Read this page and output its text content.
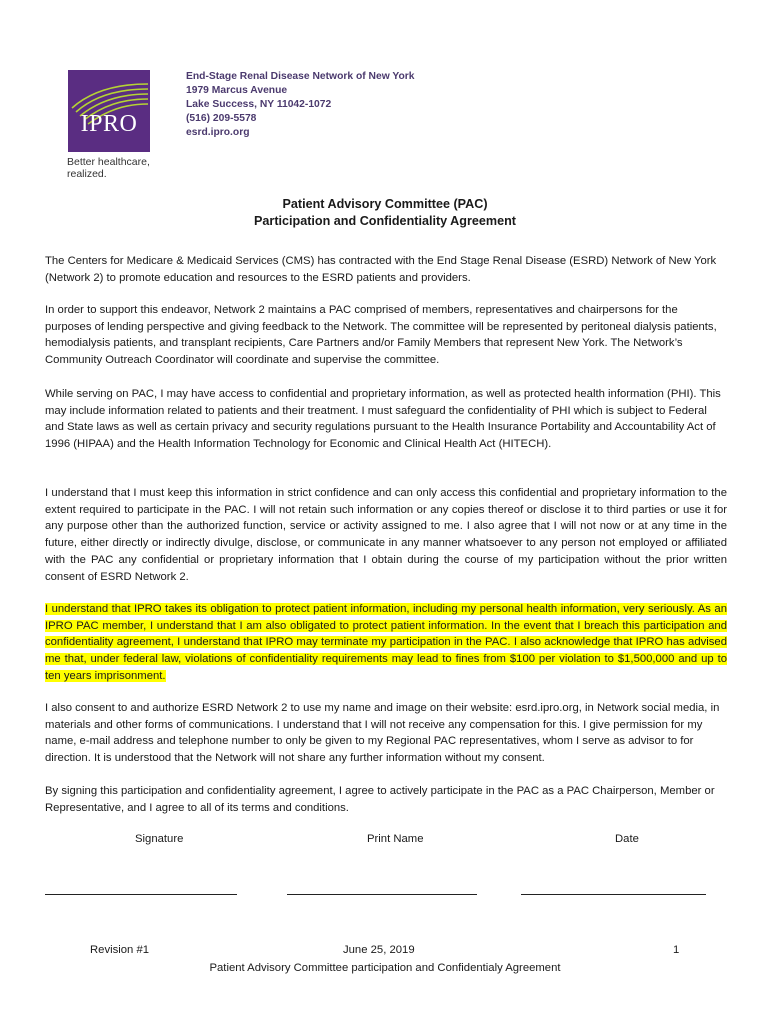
IPRO
Better healthcare,
realized.
End-Stage Renal Disease Network of New York
1979 Marcus Avenue
Lake Success, NY 11042-1072
(516) 209-5578
esrd.ipro.org
Patient Advisory Committee (PAC)
Participation and Confidentiality Agreement
The Centers for Medicare & Medicaid Services (CMS) has contracted with the End Stage Renal Disease (ESRD) Network of New York (Network 2) to promote education and resources to the ESRD patients and providers.
In order to support this endeavor, Network 2 maintains a PAC comprised of members, representatives and chairpersons for the purposes of lending perspective and giving feedback to the Network. The committee will be represented by peritoneal dialysis patients, hemodialysis patients, and transplant recipients, Care Partners and/or Family Members that represent New York. The Network’s Community Outreach Coordinator will coordinate and supervise the committee.
While serving on PAC, I may have access to confidential and proprietary information, as well as protected health information (PHI). This may include information related to patients and their treatment. I must safeguard the confidentiality of PHI which is subject to Federal and State laws as well as certain privacy and security regulations pursuant to the Health Insurance Portability and Accountability Act of 1996 (HIPAA) and the Health Information Technology for Economic and Clinical Health Act (HITECH).
I understand that I must keep this information in strict confidence and can only access this confidential and proprietary information to the extent required to participate in the PAC. I will not retain such information or any copies thereof or disclose it to third parties or use it for any purpose other than the authorized function, service or activity assigned to me. I also agree that I will not now or at any time in the future, either directly or indirectly divulge, disclose, or communicate in any manner whatsoever to any person not employed or affiliated with the PAC any confidential or proprietary information that I obtain during the course of my participation without the prior written consent of ESRD Network 2.
I understand that IPRO takes its obligation to protect patient information, including my personal health information, very seriously. As an IPRO PAC member, I understand that I am also obligated to protect patient information. In the event that I breach this participation and confidentiality agreement, I understand that IPRO may terminate my participation in the PAC. I also acknowledge that IPRO has advised me that, under federal law, violations of confidentiality requirements may lead to fines from $100 per violation to $1,500,000 and up to ten years imprisonment.
I also consent to and authorize ESRD Network 2 to use my name and image on their website: esrd.ipro.org, in Network social media, in materials and other forms of communications. I understand that I will not receive any compensation for this. I give permission for my name, e-mail address and telephone number to only be given to my Regional PAC representatives, whom I serve as advisor to for direction. It is understood that the Network will not share any further information without my consent.
By signing this participation and confidentiality agreement, I agree to actively participate in the PAC as a PAC Chairperson, Member or Representative, and I agree to all of its terms and conditions.
Signature	Print Name	Date
Revision #1	June 25, 2019	1
Patient Advisory Committee participation and Confidentialy Agreement
